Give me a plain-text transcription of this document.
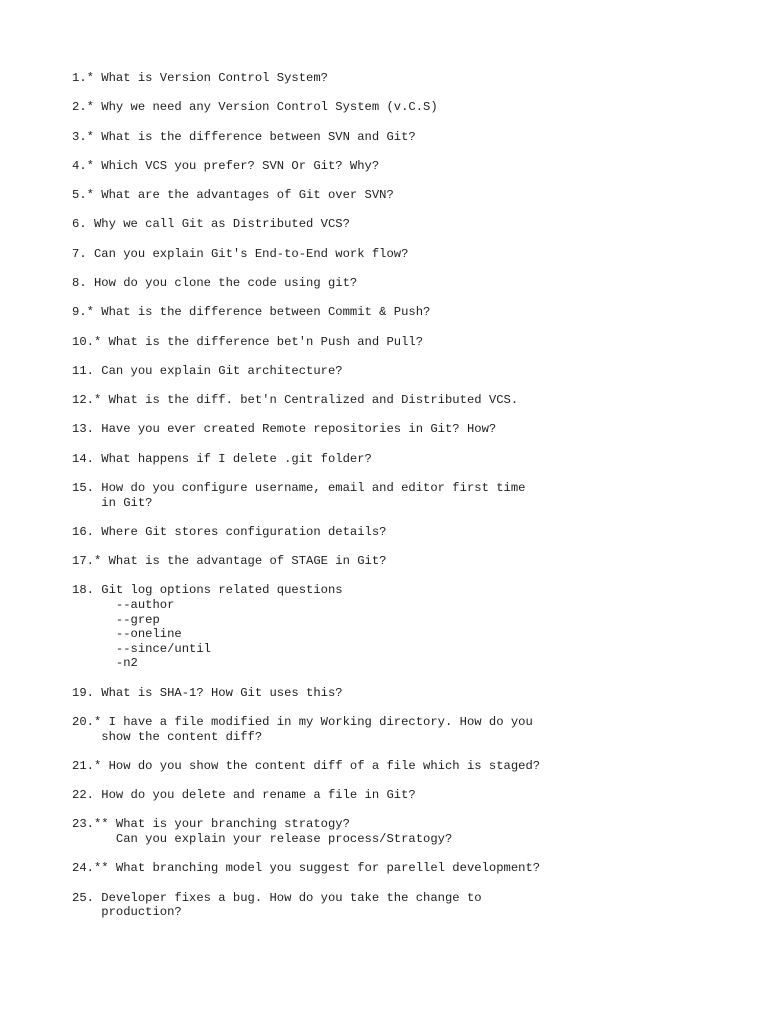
1.* What is Version Control System?
2.* Why we need any Version Control System (v.C.S)
3.* What is the difference between SVN and Git?
4.* Which VCS you prefer? SVN Or Git? Why?
5.* What are the advantages of Git over SVN?
6. Why we call Git as Distributed VCS?
7. Can you explain Git's End-to-End work flow?
8. How do you clone the code using git?
9.* What is the difference between Commit & Push?
10.* What is the difference bet'n Push and Pull?
11. Can you explain Git architecture?
12.* What is the diff. bet'n Centralized and Distributed VCS.
13. Have you ever created Remote repositories in Git? How?
14. What happens if I delete .git folder?
15. How do you configure username, email and editor first time
in Git?
16. Where Git stores configuration details?
17.* What is the advantage of STAGE in Git?
18. Git log options related questions
--author
--grep
--oneline
--since/until
-n2
19. What is SHA-1? How Git uses this?
20.* I have a file modified in my Working directory. How do you
show the content diff?
21.* How do you show the content diff of a file which is staged?
22. How do you delete and rename a file in Git?
23.** What is your branching stratogy?
Can you explain your release process/Stratogy?
24.** What branching model you suggest for parellel development?
25. Developer fixes a bug. How do you take the change to
production?
